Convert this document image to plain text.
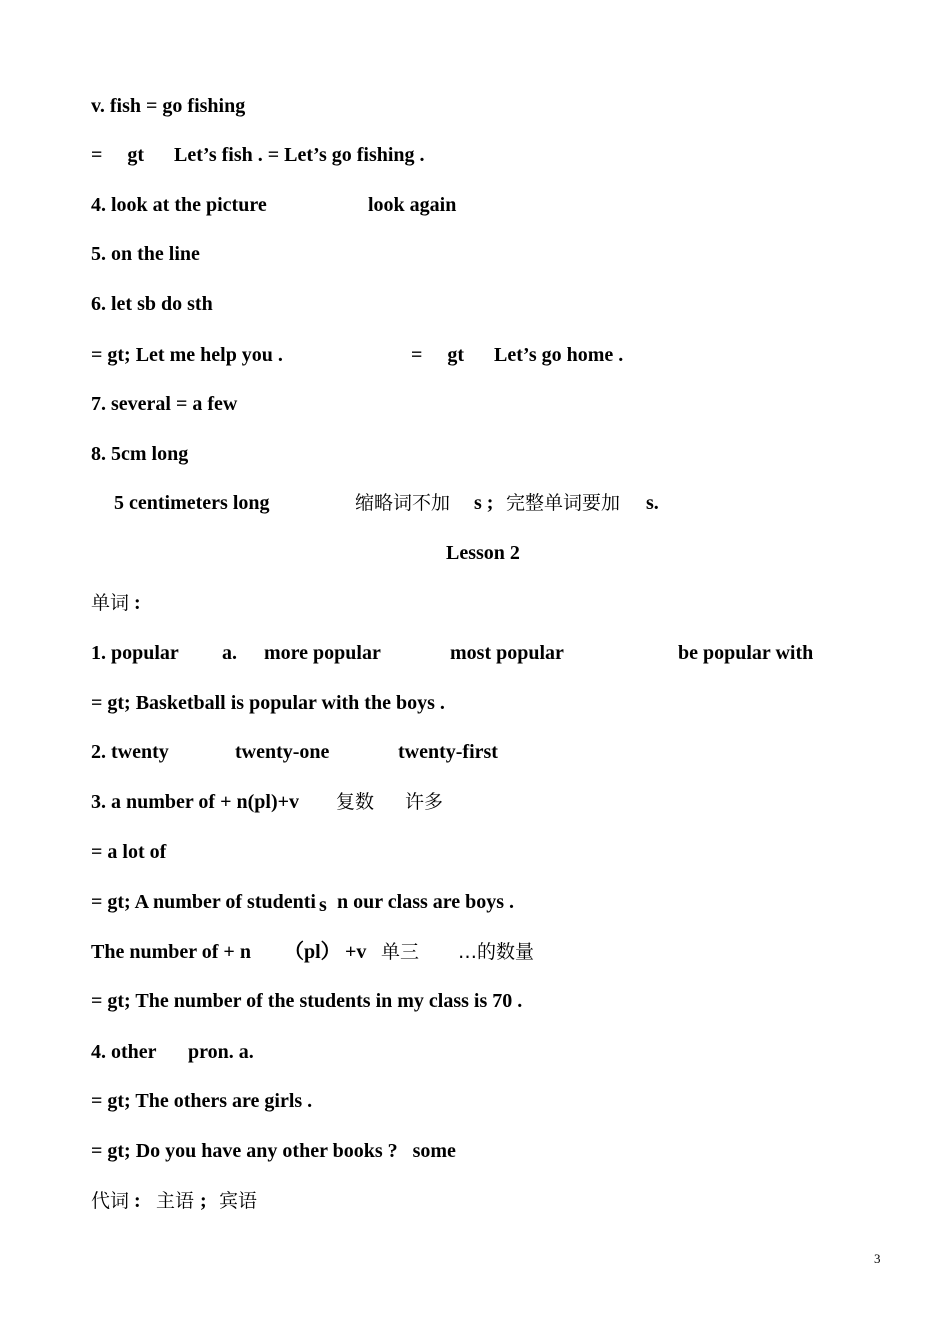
v. fish = go fishing
=     gt      Let’s fish . = Let’s go fishing .
4. look at the picture	look again
5. on the line
6. let sb do sth
= gt; Let me help you .	=     gt      Let’s go home .
7. several = a few
8. 5cm long
5 centimeters long	缩略词不加 s ; 完整单词要加 s.
Lesson 2
单词 :
1. popular a. more popular	most popular	be popular with
= gt; Basketball is popular with the boys .
2. twenty	twenty-one	twenty-first
3. a number of + n(pl)+v 复数 许多
= a lot of
= gt; A number of studenti s n our class are boys .
The number of + n （pl） +v 单三 …的数量
= gt; The number of the students in my class is 70 .
4. other pron. a.
= gt; The others are girls .
= gt; Do you have any other books ?   some
代词 : 主语 ; 宾语
3
